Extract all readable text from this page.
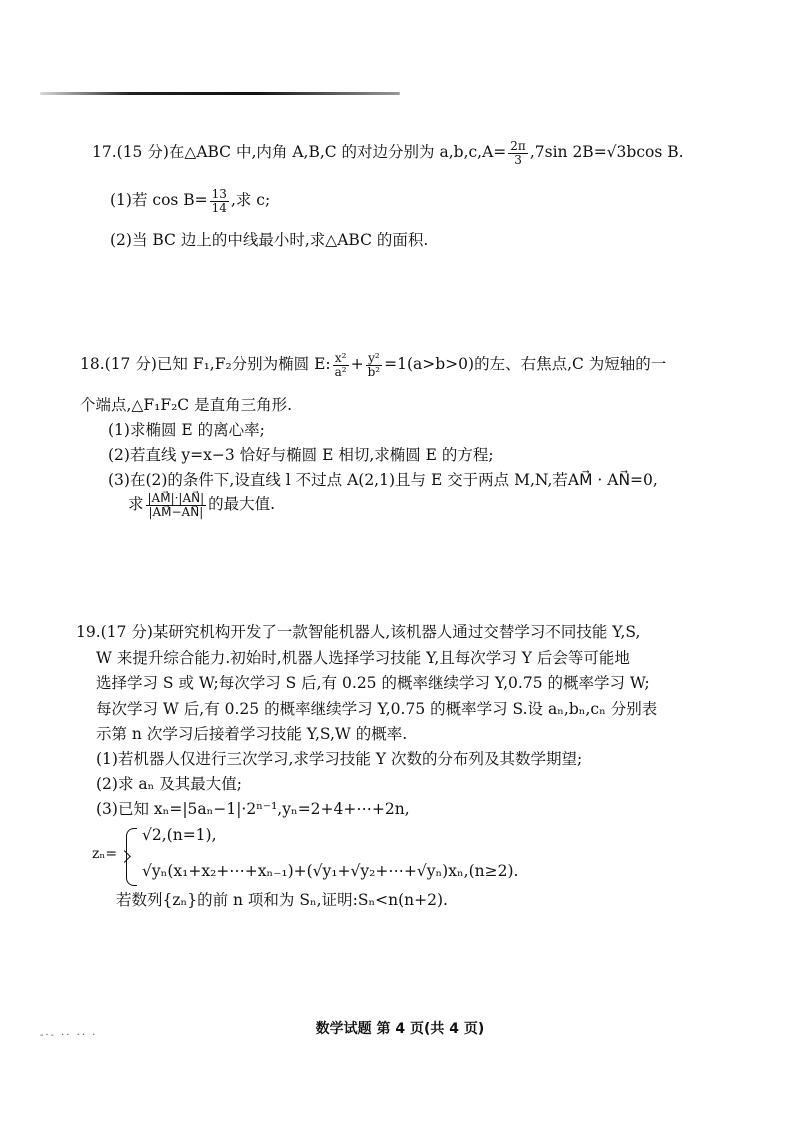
17.(15 分)在△ABC 中,内角 A,B,C 的对边分别为 $a,b,c,A= \frac{2\pi}{3} ,7\sin$ 2B=√3bcos B.
(1)若 $\cos B= \frac{13}{14}$ ,求 c;
(2)当 BC 边上的中线最小时,求△ABC 的面积.
18.(17 分)已知 F₁,F₂分别为椭圆 E: $\frac{\text{x²}}{\text{a²}} + \frac{\text{y²}}{\text{b²}} =1(a>b>0)$的左、右焦点,C 为短轴的一
个端点,△F₁F₂C 是直角三角形.
(1)求椭圆 E 的离心率;
(2)若直线 y=x−3 恰好与椭圆 E 相切,求椭圆 E 的方程;
(3)在(2)的条件下,设直线 l 不过点 A(2,1)且与 E 交于两点 M,N,若AM⃗ · AN⃗=0,
求 $\frac{|AM⃗|\cdot|AN⃗|}{|AM⃗-AN⃗|}$ 的最大值.
19.(17 分)某研究机构开发了一款智能机器人,该机器人通过交替学习不同技能 Y,S,
W 来提升综合能力.初始时,机器人选择学习技能 Y,且每次学习 Y 后会等可能地
选择学习 S 或 W;每次学习 S 后,有 0.25 的概率继续学习 Y,0.75 的概率学习 W;
每次学习 W 后,有 0.25 的概率继续学习 Y,0.75 的概率学习 S.设 aₙ,bₙ,cₙ 分别表
示第 n 次学习后接着学习技能 Y,S,W 的概率.
(1)若机器人仅进行三次学习,求学习技能 Y 次数的分布列及其数学期望;
(2)求 aₙ 及其最大值;
(3)已知 xₙ=|5aₙ−1|·2ⁿ⁻¹,yₙ=2+4+⋯+2n,
zₙ=
√2,(n=1),
√yₙ(x₁+x₂+⋯+xₙ₋₁)+(√y₁+√y₂+⋯+√yₙ)xₙ,(n≥2).
若数列{zₙ}的前 n 项和为 Sₙ,证明:Sₙ<n(n+2).
-·- ·· ·· ·	数学试题 第 4 页(共 4 页)
